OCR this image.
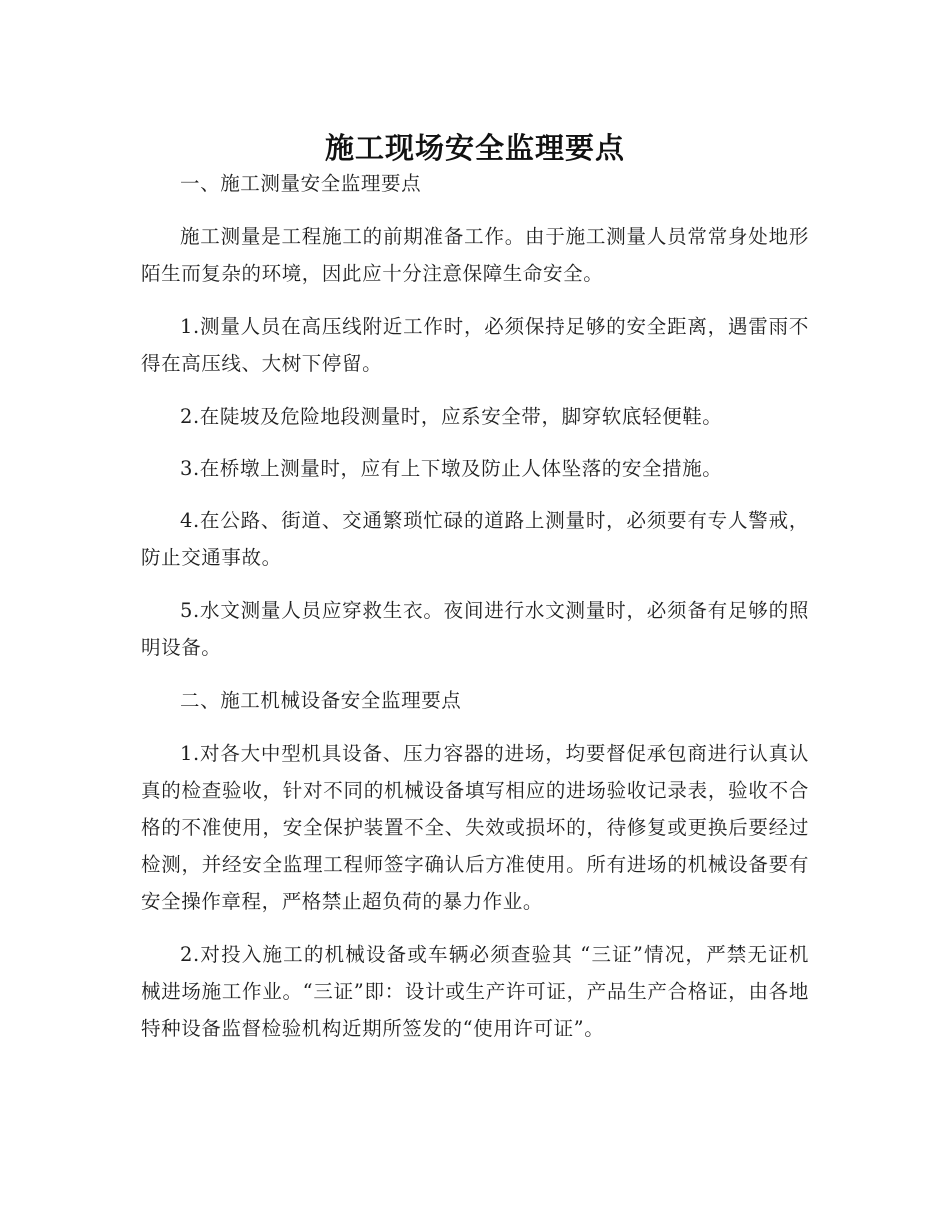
施工现场安全监理要点

一、施工测量安全监理要点

施工测量是工程施工的前期准备工作。由于施工测量人员常常身处地形陌生而复杂的环境，因此应十分注意保障生命安全。

1.测量人员在高压线附近工作时，必须保持足够的安全距离，遇雷雨不得在高压线、大树下停留。

2.在陡坡及危险地段测量时，应系安全带，脚穿软底轻便鞋。

3.在桥墩上测量时，应有上下墩及防止人体坠落的安全措施。

4.在公路、街道、交通繁琐忙碌的道路上测量时，必须要有专人警戒，防止交通事故。

5.水文测量人员应穿救生衣。夜间进行水文测量时，必须备有足够的照明设备。

二、施工机械设备安全监理要点

1.对各大中型机具设备、压力容器的进场，均要督促承包商进行认真认真的检查验收，针对不同的机械设备填写相应的进场验收记录表，验收不合格的不准使用，安全保护装置不全、失效或损坏的，待修复或更换后要经过检测，并经安全监理工程师签字确认后方准使用。所有进场的机械设备要有安全操作章程，严格禁止超负荷的暴力作业。

2.对投入施工的机械设备或车辆必须查验其 “三证”情况，严禁无证机械进场施工作业。“三证”即：设计或生产许可证，产品生产合格证，由各地特种设备监督检验机构近期所签发的“使用许可证”。
